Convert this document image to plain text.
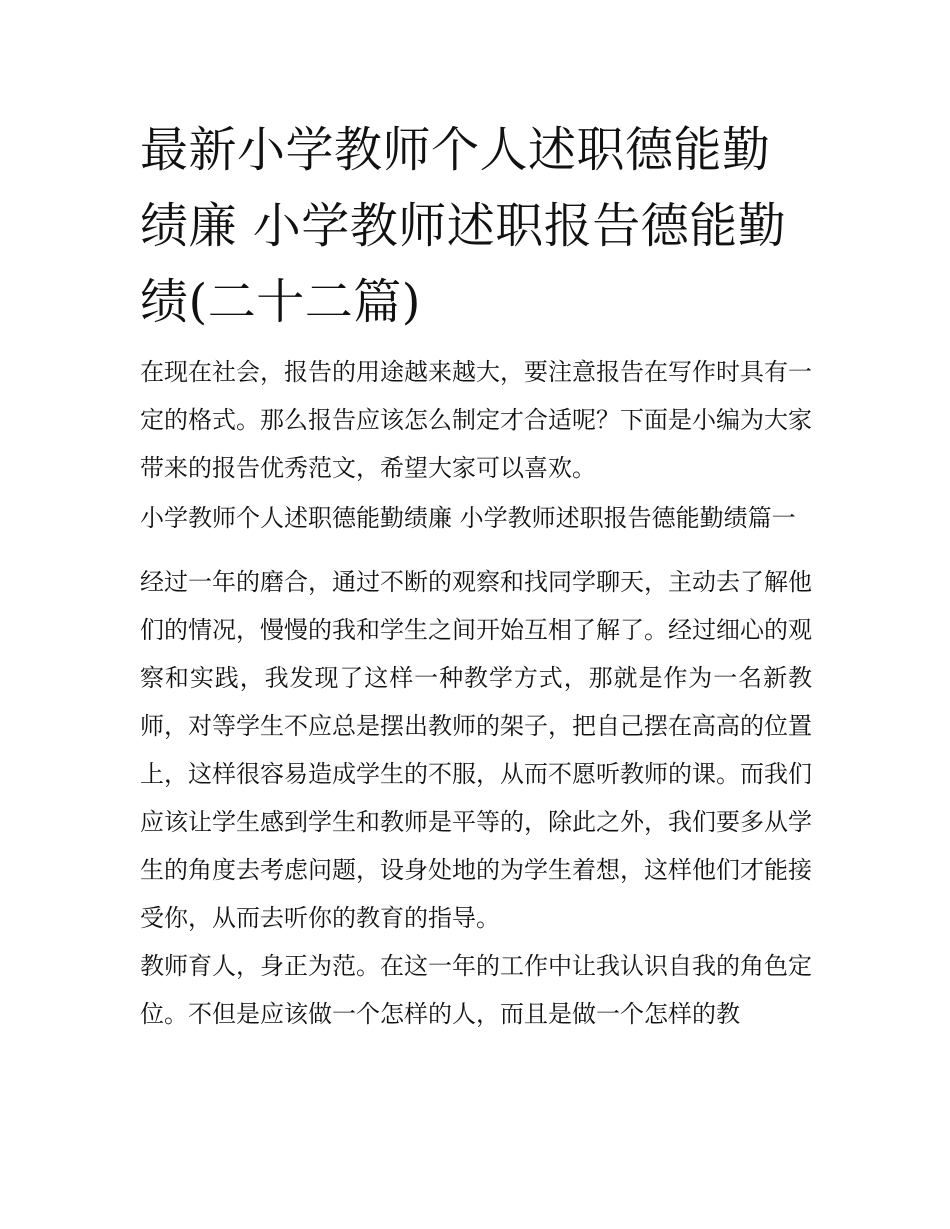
最新小学教师个人述职德能勤绩廉 小学教师述职报告德能勤绩(二十二篇)

在现在社会，报告的用途越来越大，要注意报告在写作时具有一定的格式。那么报告应该怎么制定才合适呢？下面是小编为大家带来的报告优秀范文，希望大家可以喜欢。

小学教师个人述职德能勤绩廉 小学教师述职报告德能勤绩篇一

经过一年的磨合，通过不断的观察和找同学聊天，主动去了解他们的情况，慢慢的我和学生之间开始互相了解了。经过细心的观察和实践，我发现了这样一种教学方式，那就是作为一名新教师，对等学生不应总是摆出教师的架子，把自己摆在高高的位置上，这样很容易造成学生的不服，从而不愿听教师的课。而我们应该让学生感到学生和教师是平等的，除此之外，我们要多从学生的角度去考虑问题，设身处地的为学生着想，这样他们才能接受你，从而去听你的教育的指导。

教师育人，身正为范。在这一年的工作中让我认识自我的角色定位。不但是应该做一个怎样的人，而且是做一个怎样的教
